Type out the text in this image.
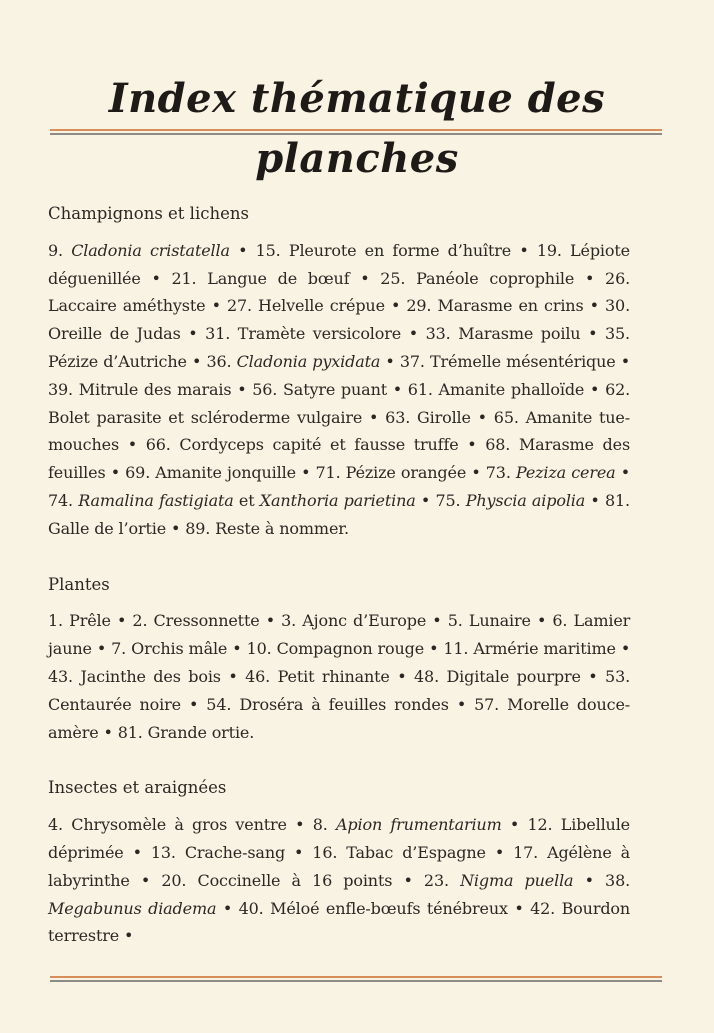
Index thématique des planches
Champignons et lichens

9. Cladonia cristatella • 15. Pleurote en forme d’huître • 19. Lépiote déguenillée • 21. Langue de bœuf • 25. Panéole coprophile • 26. Laccaire améthyste • 27. Helvelle crépue • 29. Marasme en crins • 30. Oreille de Judas • 31. Tramète versicolore • 33. Marasme poilu • 35. Pézize d’Autriche • 36. Cladonia pyxidata • 37. Trémelle mésentérique • 39. Mitrule des marais • 56. Satyre puant • 61. Amanite phalloïde • 62. Bolet parasite et scléroderme vulgaire • 63. Girolle • 65. Amanite tue-mouches • 66. Cordyceps capité et fausse truffe • 68. Marasme des feuilles • 69. Amanite jonquille • 71. Pézize orangée • 73. Peziza cerea • 74. Ramalina fastigiata et Xanthoria parietina • 75. Physcia aipolia • 81. Galle de l’ortie • 89. Reste à nommer.

Plantes

1. Prêle • 2. Cressonnette • 3. Ajonc d’Europe • 5. Lunaire • 6. Lamier jaune • 7. Orchis mâle • 10. Compagnon rouge • 11. Armérie maritime • 43. Jacinthe des bois • 46. Petit rhinante • 48. Digitale pourpre • 53. Centaurée noire • 54. Droséra à feuilles rondes • 57. Morelle douce-amère • 81. Grande ortie.

Insectes et araignées

4. Chrysomèle à gros ventre • 8. Apion frumentarium • 12. Libellule déprimée • 13. Crache-sang • 16. Tabac d’Espagne • 17. Agélène à labyrinthe • 20. Coccinelle à 16 points • 23. Nigma puella • 38. Megabunus diadema • 40. Méloé enfle-bœufs ténébreux • 42. Bourdon terrestre •
